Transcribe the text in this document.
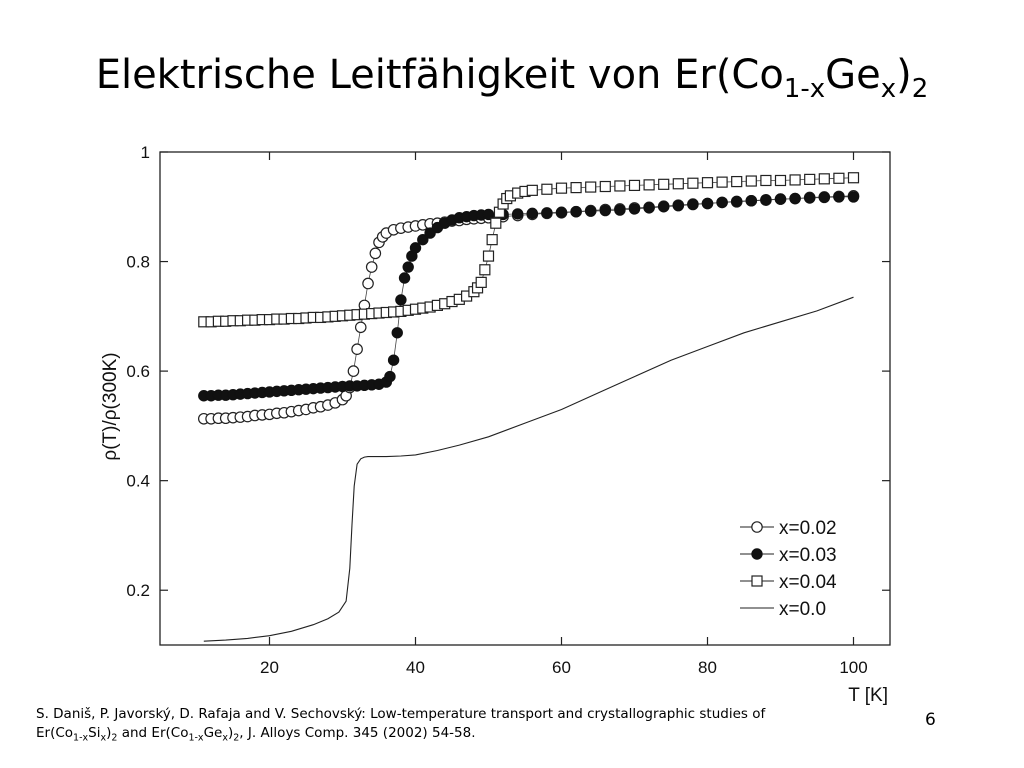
Elektrische Leitfähigkeit von $Er(Co_{1-x}Ge_x)_2$
20	40	60	80	100
0.2
0.4
0.6
0.8
1
x=0.02
x=0.03
x=0.04
x=0.0
T [K]
ρ(T)/ρ(300K)
S. Daniš, P. Javorský, D. Rafaja and V. Sechovský: Low-temperature transport and crystallographic studies of
$Er(Co_{1-x}Si_x)_2$ and $Er(Co_{1-x}Ge_x)_2$, J. Alloys Comp. 345 (2002) 54-58.
6
